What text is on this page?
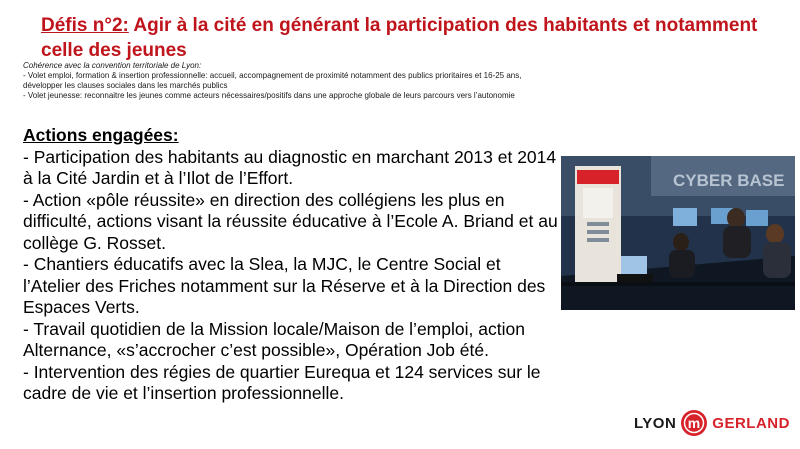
Défis n°2: Agir à la cité en générant la participation des habitants et notamment celle des jeunes
Cohérence avec la convention territoriale de Lyon:
- Volet emploi, formation & insertion professionnelle: accueil, accompagnement de proximité notamment des publics prioritaires et 16-25 ans, développer les clauses sociales dans les marchés publics
- Volet jeunesse: reconnaitre les jeunes comme acteurs nécessaires/positifs dans une approche globale de leurs parcours vers l’autonomie
Actions engagées:
- Participation des habitants au diagnostic en marchant 2013 et 2014 à la Cité Jardin et à l’Ilot de l’Effort.
- Action «pôle réussite» en direction des collégiens les plus en difficulté, actions visant la réussite éducative à l’Ecole A. Briand et au collège G. Rosset.
- Chantiers éducatifs avec la Slea, la MJC, le Centre Social et l’Atelier des Friches notamment sur la Réserve et à la Direction des Espaces Verts.
- Travail quotidien de la Mission locale/Maison de l’emploi, action Alternance, «s’accrocher c’est possible», Opération Job été.
- Intervention des régies de quartier Eurequa et 124 services sur le cadre de vie et l’insertion professionnelle.
CYBER BASE
LYON m GERLAND
